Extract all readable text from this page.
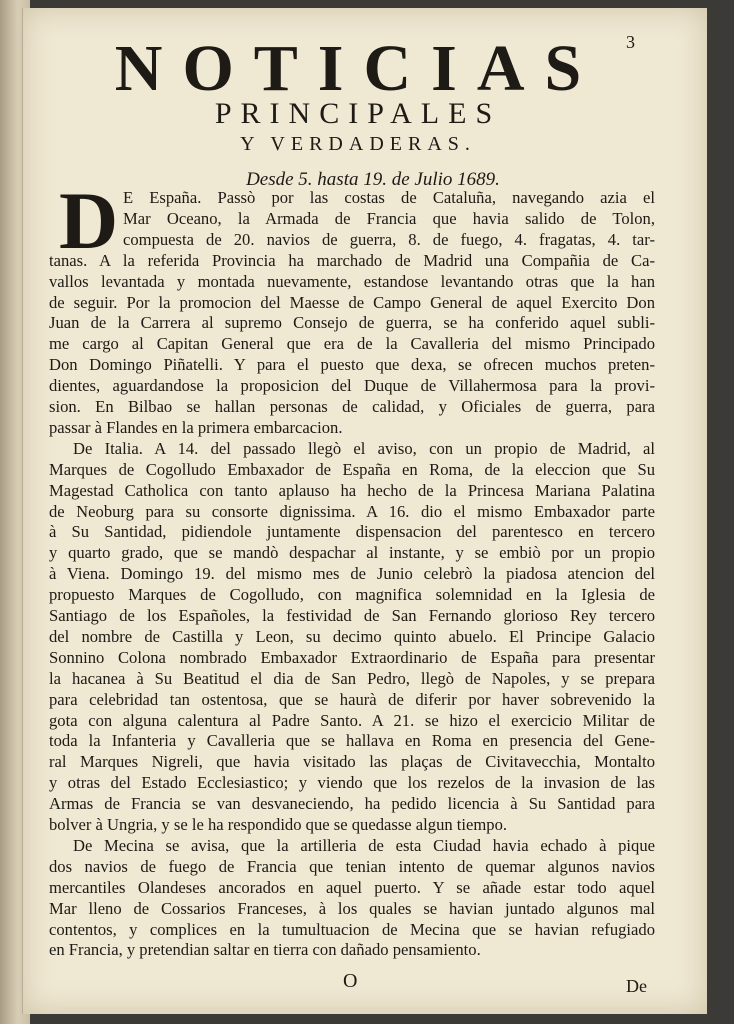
3
NOTICIAS
PRINCIPALES
Y VERDADERAS.
Desde 5. hasta 19. de Julio 1689.
D E España. Passò por las costas de Cataluña, navegando azia el
Mar Oceano, la Armada de Francia que havia salido de Tolon,
compuesta de 20. navios de guerra, 8. de fuego, 4. fragatas, 4. tar-
tanas. A la referida Provincia ha marchado de Madrid una Compañia de Ca-
vallos levantada y montada nuevamente, estandose levantando otras que la han
de seguir. Por la promocion del Maesse de Campo General de aquel Exercito Don
Juan de la Carrera al supremo Consejo de guerra, se ha conferido aquel subli-
me cargo al Capitan General que era de la Cavalleria del mismo Principado
Don Domingo Piñatelli. Y para el puesto que dexa, se ofrecen muchos preten-
dientes, aguardandose la proposicion del Duque de Villahermosa para la provi-
sion. En Bilbao se hallan personas de calidad, y Oficiales de guerra, para
passar à Flandes en la primera embarcacion.
De Italia. A 14. del passado llegò el aviso, con un propio de Madrid, al
Marques de Cogolludo Embaxador de España en Roma, de la eleccion que Su
Magestad Catholica con tanto aplauso ha hecho de la Princesa Mariana Palatina
de Neoburg para su consorte dignissima. A 16. dio el mismo Embaxador parte
à Su Santidad, pidiendole juntamente dispensacion del parentesco en tercero
y quarto grado, que se mandò despachar al instante, y se embiò por un propio
à Viena. Domingo 19. del mismo mes de Junio celebrò la piadosa atencion del
propuesto Marques de Cogolludo, con magnifica solemnidad en la Iglesia de
Santiago de los Españoles, la festividad de San Fernando glorioso Rey tercero
del nombre de Castilla y Leon, su decimo quinto abuelo. El Principe Galacio
Sonnino Colona nombrado Embaxador Extraordinario de España para presentar
la hacanea à Su Beatitud el dia de San Pedro, llegò de Napoles, y se prepara
para celebridad tan ostentosa, que se haurà de diferir por haver sobrevenido la
gota con alguna calentura al Padre Santo. A 21. se hizo el exercicio Militar de
toda la Infanteria y Cavalleria que se hallava en Roma en presencia del Gene-
ral Marques Nigreli, que havia visitado las plaças de Civitavecchia, Montalto
y otras del Estado Ecclesiastico; y viendo que los rezelos de la invasion de las
Armas de Francia se van desvaneciendo, ha pedido licencia à Su Santidad para
bolver à Ungria, y se le ha respondido que se quedasse algun tiempo.
De Mecina se avisa, que la artilleria de esta Ciudad havia echado à pique
dos navios de fuego de Francia que tenian intento de quemar algunos navios
mercantiles Olandeses ancorados en aquel puerto. Y se añade estar todo aquel
Mar lleno de Cossarios Franceses, à los quales se havian juntado algunos mal
contentos, y complices en la tumultuacion de Mecina que se havian refugiado
en Francia, y pretendian saltar en tierra con dañado pensamiento.
O	De
